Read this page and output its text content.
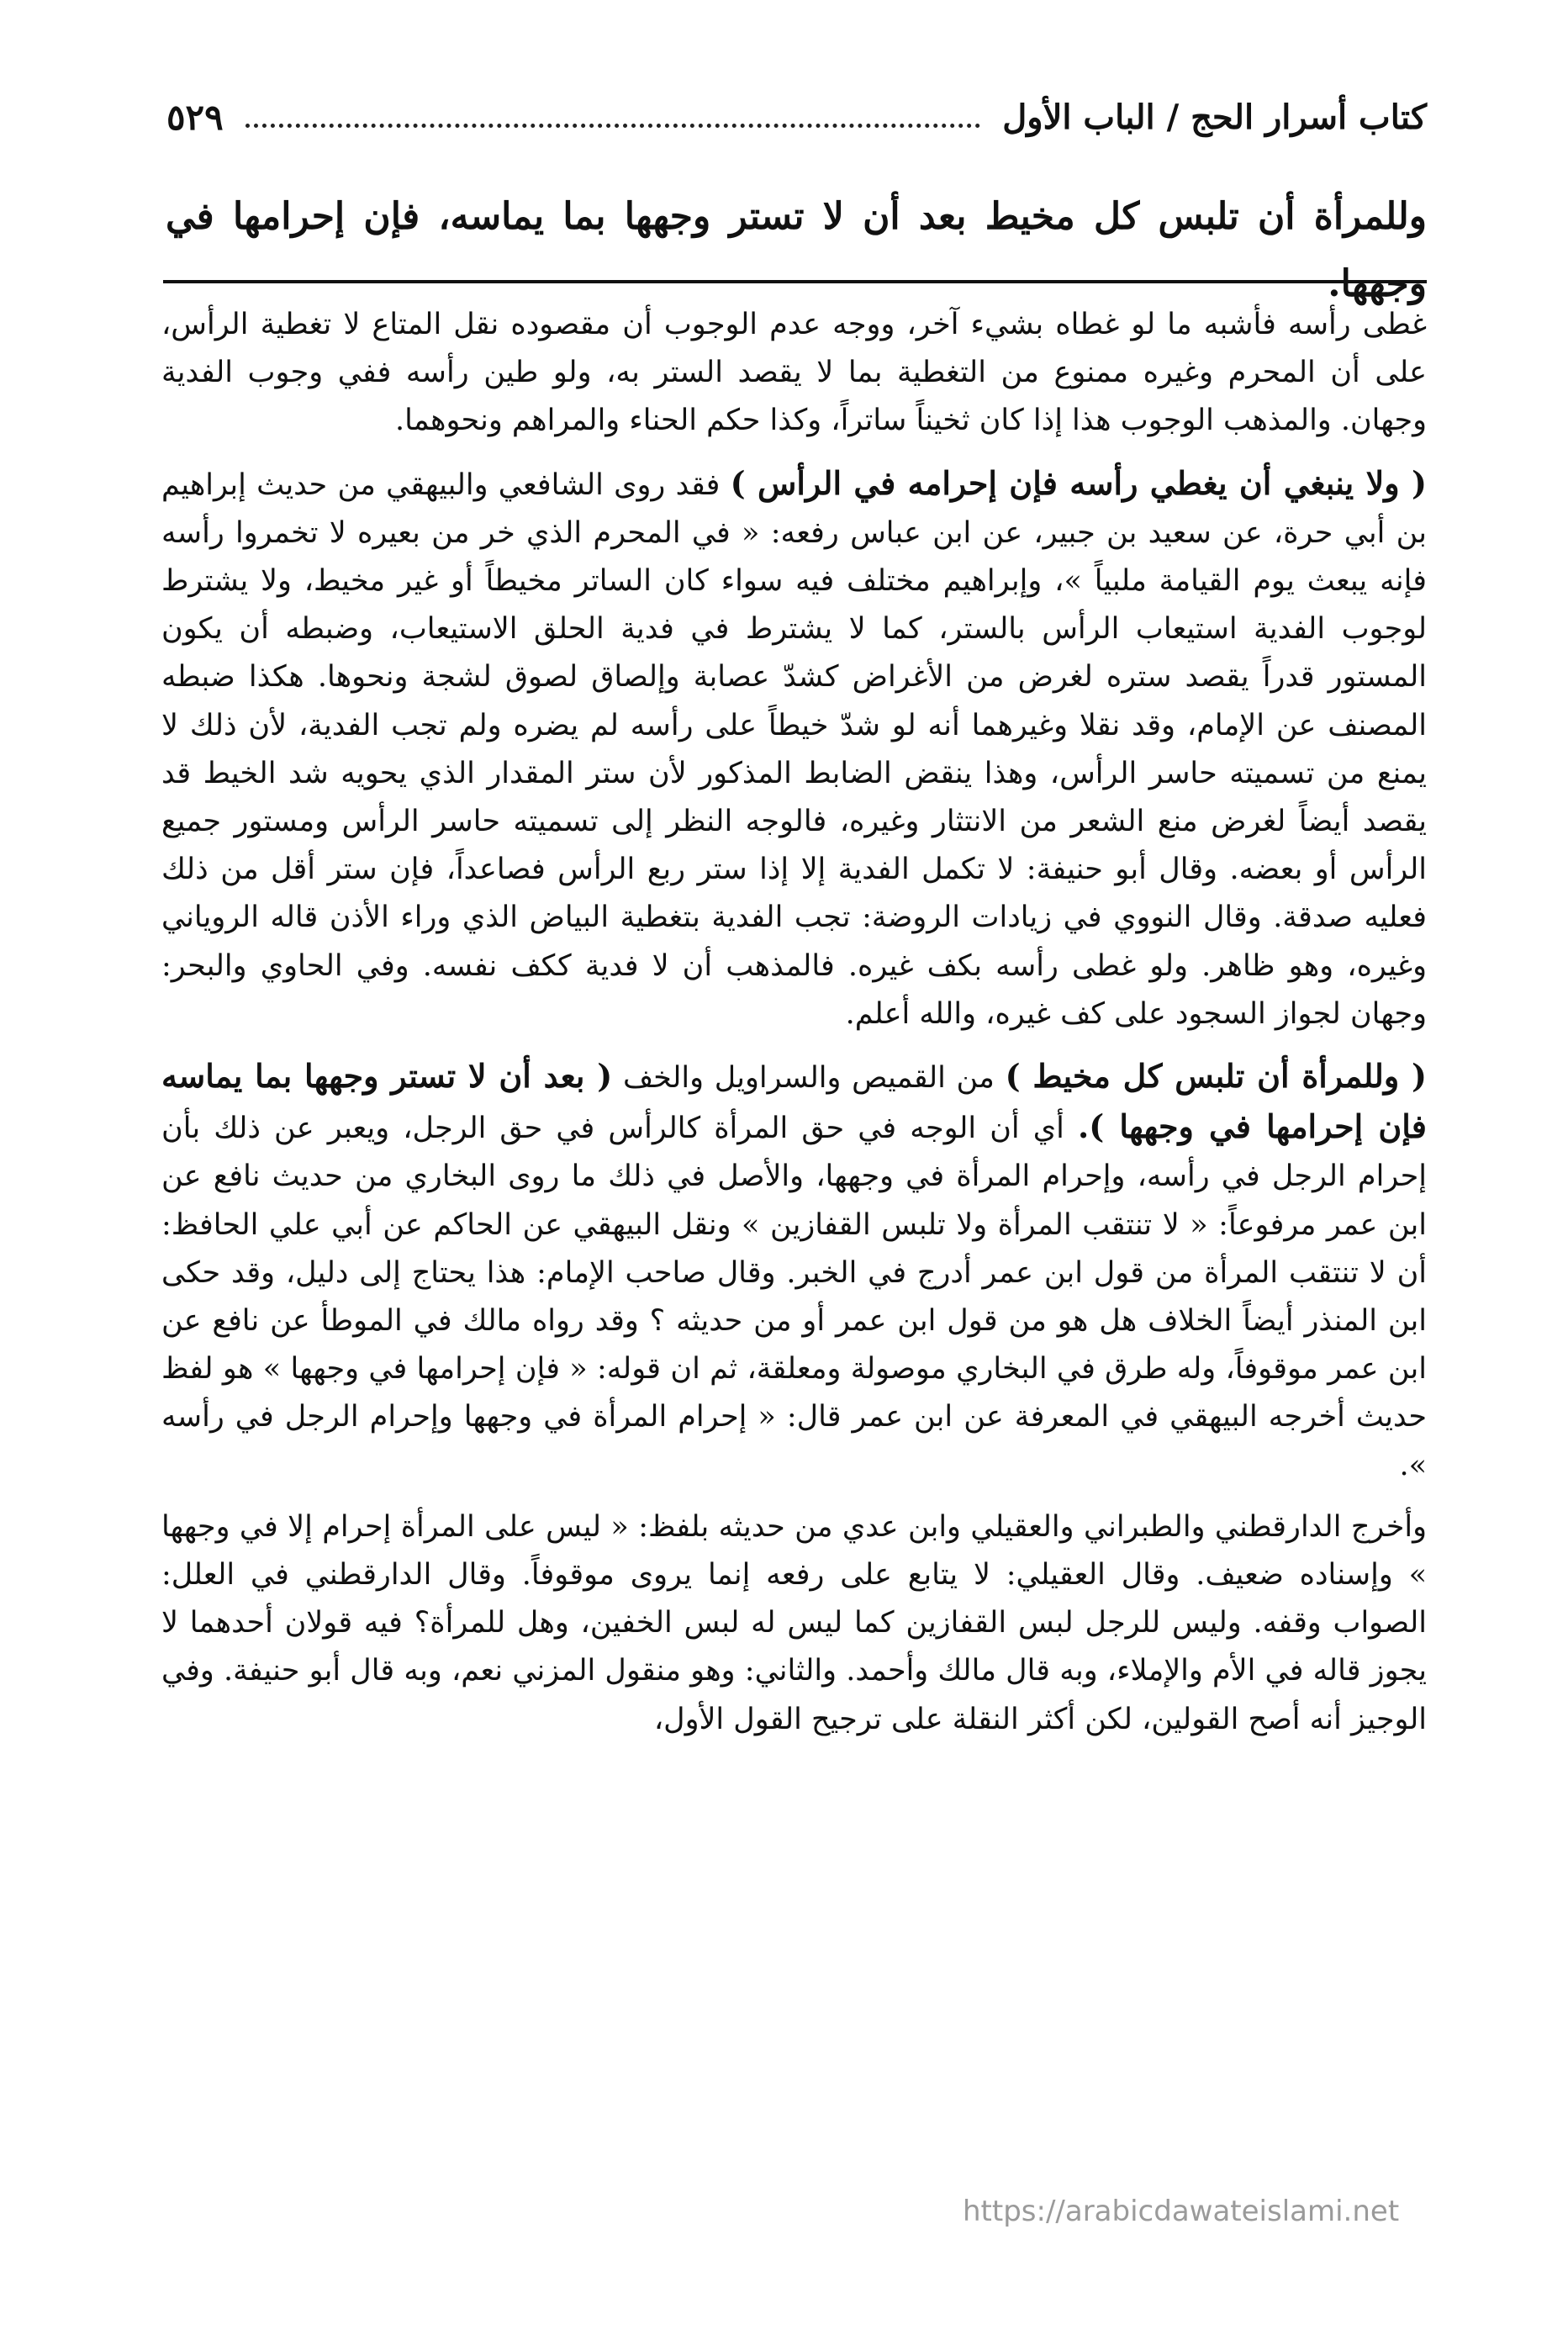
كتاب أسرار الحج / الباب الأول
٥٢٩

وللمرأة أن تلبس كل مخيط بعد أن لا تستر وجهها بما يماسه، فإن إحرامها في وجهها.

غطى رأسه فأشبه ما لو غطاه بشيء آخر، ووجه عدم الوجوب أن مقصوده نقل المتاع لا تغطية الرأس، على أن المحرم وغيره ممنوع من التغطية بما لا يقصد الستر به، ولو طين رأسه ففي وجوب الفدية وجهان. والمذهب الوجوب هذا إذا كان ثخيناً ساتراً، وكذا حكم الحناء والمراهم ونحوهما.

( ولا ينبغي أن يغطي رأسه فإن إحرامه في الرأس ) فقد روى الشافعي والبيهقي من حديث إبراهيم بن أبي حرة، عن سعيد بن جبير، عن ابن عباس رفعه: « في المحرم الذي خر من بعيره لا تخمروا رأسه فإنه يبعث يوم القيامة ملبياً »، وإبراهيم مختلف فيه سواء كان الساتر مخيطاً أو غير مخيط، ولا يشترط لوجوب الفدية استيعاب الرأس بالستر، كما لا يشترط في فدية الحلق الاستيعاب، وضبطه أن يكون المستور قدراً يقصد ستره لغرض من الأغراض كشدّ عصابة وإلصاق لصوق لشجة ونحوها. هكذا ضبطه المصنف عن الإمام، وقد نقلا وغيرهما أنه لو شدّ خيطاً على رأسه لم يضره ولم تجب الفدية، لأن ذلك لا يمنع من تسميته حاسر الرأس، وهذا ينقض الضابط المذكور لأن ستر المقدار الذي يحويه شد الخيط قد يقصد أيضاً لغرض منع الشعر من الانتثار وغيره، فالوجه النظر إلى تسميته حاسر الرأس ومستور جميع الرأس أو بعضه. وقال أبو حنيفة: لا تكمل الفدية إلا إذا ستر ربع الرأس فصاعداً، فإن ستر أقل من ذلك فعليه صدقة. وقال النووي في زيادات الروضة: تجب الفدية بتغطية البياض الذي وراء الأذن قاله الروياني وغيره، وهو ظاهر. ولو غطى رأسه بكف غيره. فالمذهب أن لا فدية ككف نفسه. وفي الحاوي والبحر: وجهان لجواز السجود على كف غيره، والله أعلم.

( وللمرأة أن تلبس كل مخيط ) من القميص والسراويل والخف ( بعد أن لا تستر وجهها بما يماسه فإن إحرامها في وجهها ). أي أن الوجه في حق المرأة كالرأس في حق الرجل، ويعبر عن ذلك بأن إحرام الرجل في رأسه، وإحرام المرأة في وجهها، والأصل في ذلك ما روى البخاري من حديث نافع عن ابن عمر مرفوعاً: « لا تنتقب المرأة ولا تلبس القفازين » ونقل البيهقي عن الحاكم عن أبي علي الحافظ: أن لا تنتقب المرأة من قول ابن عمر أدرج في الخبر. وقال صاحب الإمام: هذا يحتاج إلى دليل، وقد حكى ابن المنذر أيضاً الخلاف هل هو من قول ابن عمر أو من حديثه ؟ وقد رواه مالك في الموطأ عن نافع عن ابن عمر موقوفاً، وله طرق في البخاري موصولة ومعلقة، ثم ان قوله: « فإن إحرامها في وجهها » هو لفظ حديث أخرجه البيهقي في المعرفة عن ابن عمر قال: « إحرام المرأة في وجهها وإحرام الرجل في رأسه ».

وأخرج الدارقطني والطبراني والعقيلي وابن عدي من حديثه بلفظ: « ليس على المرأة إحرام إلا في وجهها » وإسناده ضعيف. وقال العقيلي: لا يتابع على رفعه إنما يروى موقوفاً. وقال الدارقطني في العلل: الصواب وقفه. وليس للرجل لبس القفازين كما ليس له لبس الخفين، وهل للمرأة؟ فيه قولان أحدهما لا يجوز قاله في الأم والإملاء، وبه قال مالك وأحمد. والثاني: وهو منقول المزني نعم، وبه قال أبو حنيفة. وفي الوجيز أنه أصح القولين، لكن أكثر النقلة على ترجيح القول الأول،

https://arabicdawateislami.net
